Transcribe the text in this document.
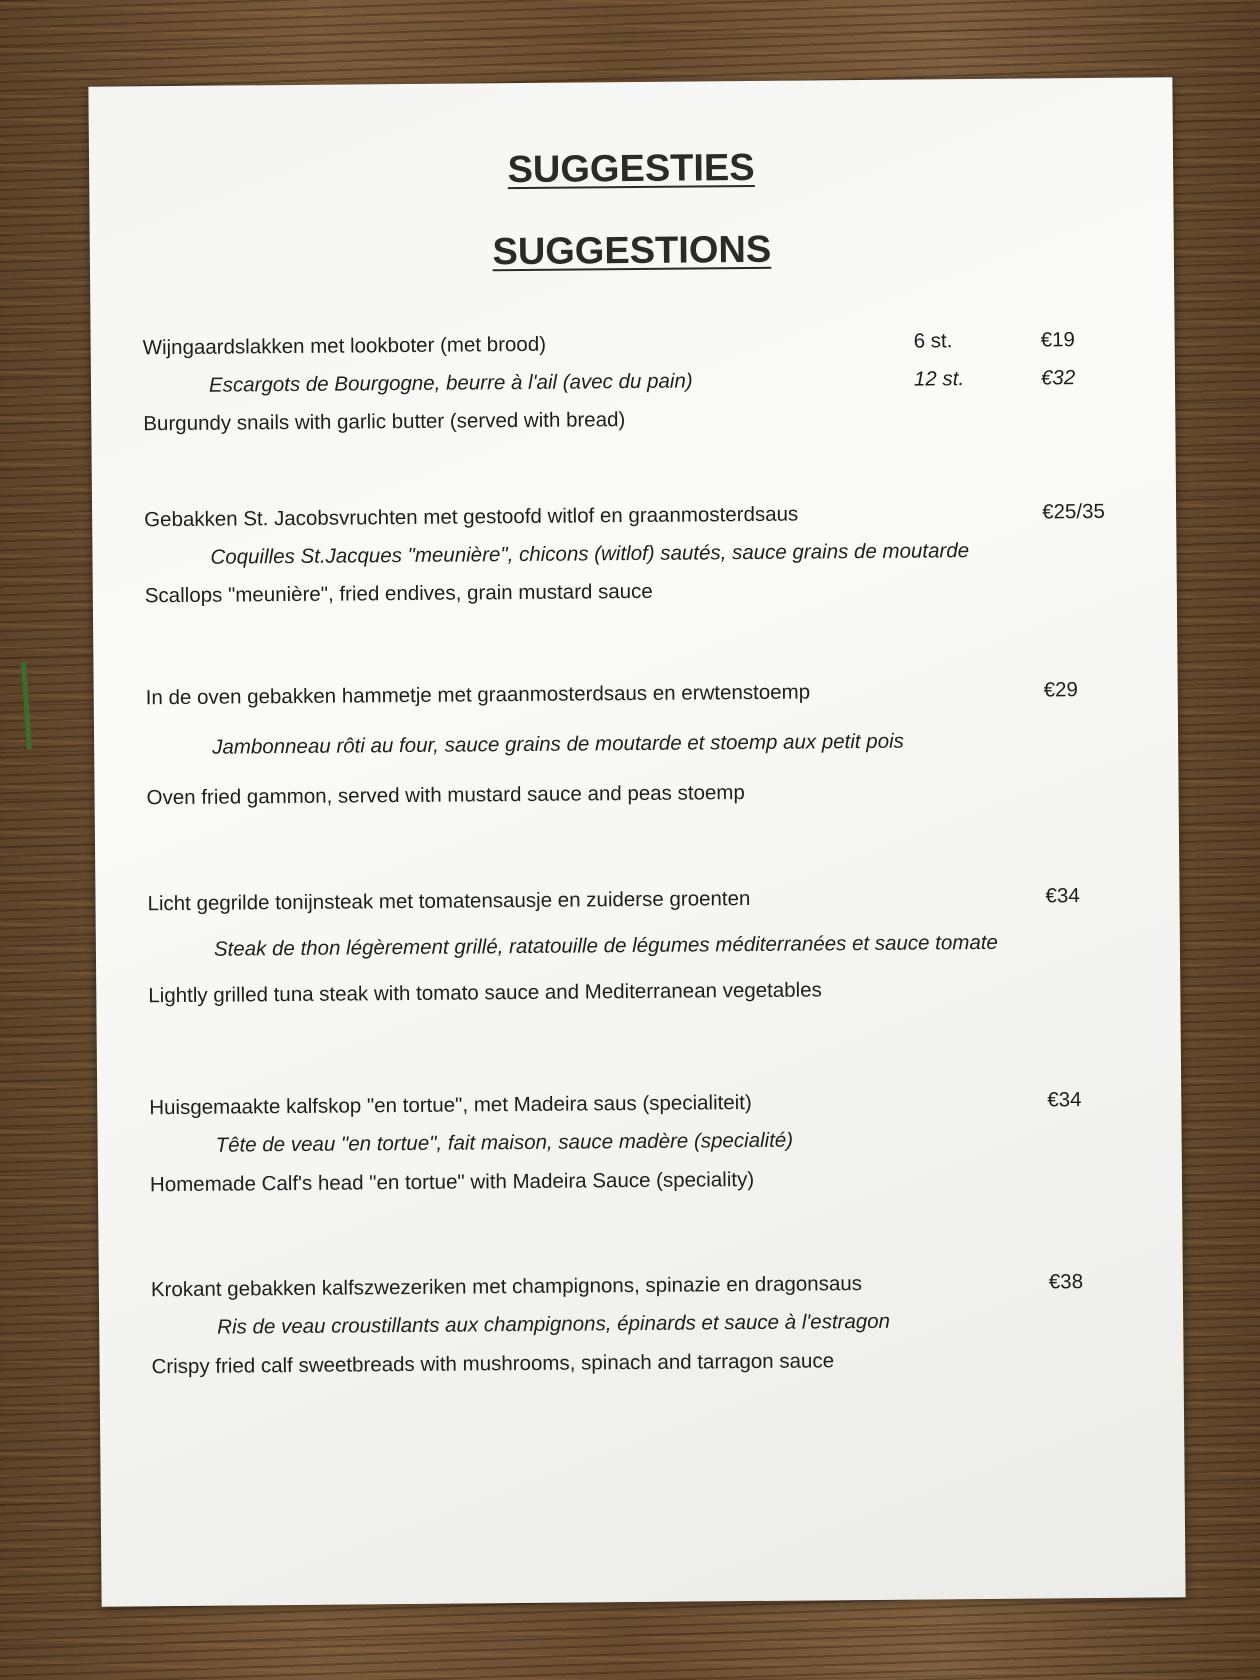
SUGGESTIES
SUGGESTIONS
Wijngaardslakken met lookboter (met brood)	6 st.	€19
Escargots de Bourgogne, beurre à l'ail (avec du pain)	12 st.	€32
Burgundy snails with garlic butter (served with bread)
Gebakken St. Jacobsvruchten met gestoofd witlof en graanmosterdsaus	€25/35
Coquilles St.Jacques "meunière", chicons (witlof) sautés, sauce grains de moutarde
Scallops "meunière", fried endives, grain mustard sauce
In de oven gebakken hammetje met graanmosterdsaus en erwtenstoemp	€29
Jambonneau rôti au four, sauce grains de moutarde et stoemp aux petit pois
Oven fried gammon, served with mustard sauce and peas stoemp
Licht gegrilde tonijnsteak met tomatensausje en zuiderse groenten	€34
Steak de thon légèrement grillé, ratatouille de légumes méditerranées et sauce tomate
Lightly grilled tuna steak with tomato sauce and Mediterranean vegetables
Huisgemaakte kalfskop "en tortue", met Madeira saus (specialiteit)	€34
Tête de veau "en tortue", fait maison, sauce madère (specialité)
Homemade Calf's head "en tortue" with Madeira Sauce (speciality)
Krokant gebakken kalfszwezeriken met champignons, spinazie en dragonsaus	€38
Ris de veau croustillants aux champignons, épinards et sauce à l'estragon
Crispy fried calf sweetbreads with mushrooms, spinach and tarragon sauce
